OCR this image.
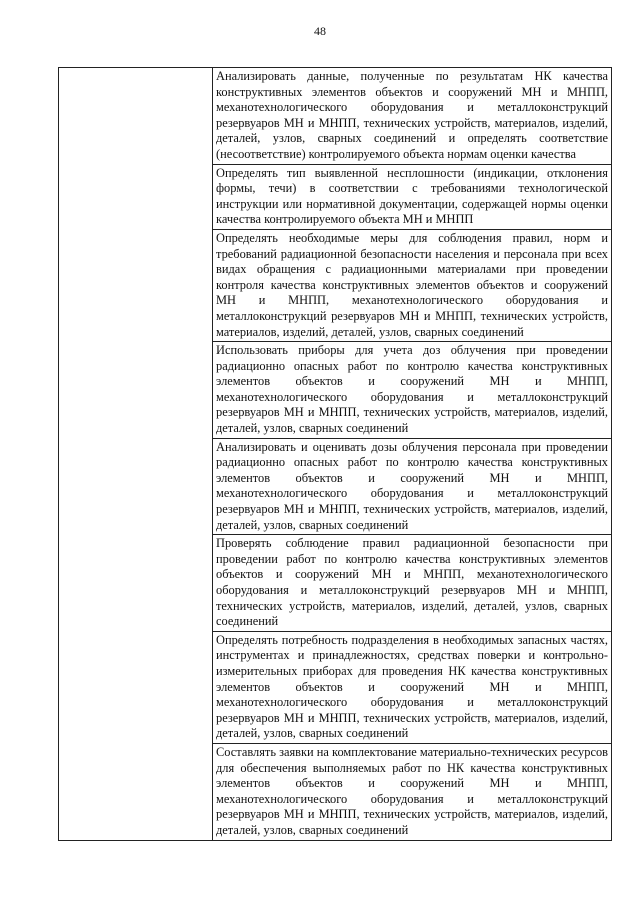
48

Анализировать данные, полученные по результатам НК качества конструктивных элементов объектов и сооружений МН и МНПП, механотехнологического оборудования и металлоконструкций резервуаров МН и МНПП, технических устройств, материалов, изделий, деталей, узлов, сварных соединений и определять соответствие (несоответствие) контролируемого объекта нормам оценки качества
Определять тип выявленной несплошности (индикации, отклонения формы, течи) в соответствии с требованиями технологической инструкции или нормативной документации, содержащей нормы оценки качества контролируемого объекта МН и МНПП
Определять необходимые меры для соблюдения правил, норм и требований радиационной безопасности населения и персонала при всех видах обращения с радиационными материалами при проведении контроля качества конструктивных элементов объектов и сооружений МН и МНПП, механотехнологического оборудования и металлоконструкций резервуаров МН и МНПП, технических устройств, материалов, изделий, деталей, узлов, сварных соединений
Использовать приборы для учета доз облучения при проведении радиационно опасных работ по контролю качества конструктивных элементов объектов и сооружений МН и МНПП, механотехнологического оборудования и металлоконструкций резервуаров МН и МНПП, технических устройств, материалов, изделий, деталей, узлов, сварных соединений
Анализировать и оценивать дозы облучения персонала при проведении радиационно опасных работ по контролю качества конструктивных элементов объектов и сооружений МН и МНПП, механотехнологического оборудования и металлоконструкций резервуаров МН и МНПП, технических устройств, материалов, изделий, деталей, узлов, сварных соединений
Проверять соблюдение правил радиационной безопасности при проведении работ по контролю качества конструктивных элементов объектов и сооружений МН и МНПП, механотехнологического оборудования и металлоконструкций резервуаров МН и МНПП, технических устройств, материалов, изделий, деталей, узлов, сварных соединений
Определять потребность подразделения в необходимых запасных частях, инструментах и принадлежностях, средствах поверки и контрольно-измерительных приборах для проведения НК качества конструктивных элементов объектов и сооружений МН и МНПП, механотехнологического оборудования и металлоконструкций резервуаров МН и МНПП, технических устройств, материалов, изделий, деталей, узлов, сварных соединений
Составлять заявки на комплектование материально-технических ресурсов для обеспечения выполняемых работ по НК качества конструктивных элементов объектов и сооружений МН и МНПП, механотехнологического оборудования и металлоконструкций резервуаров МН и МНПП, технических устройств, материалов, изделий, деталей, узлов, сварных соединений
